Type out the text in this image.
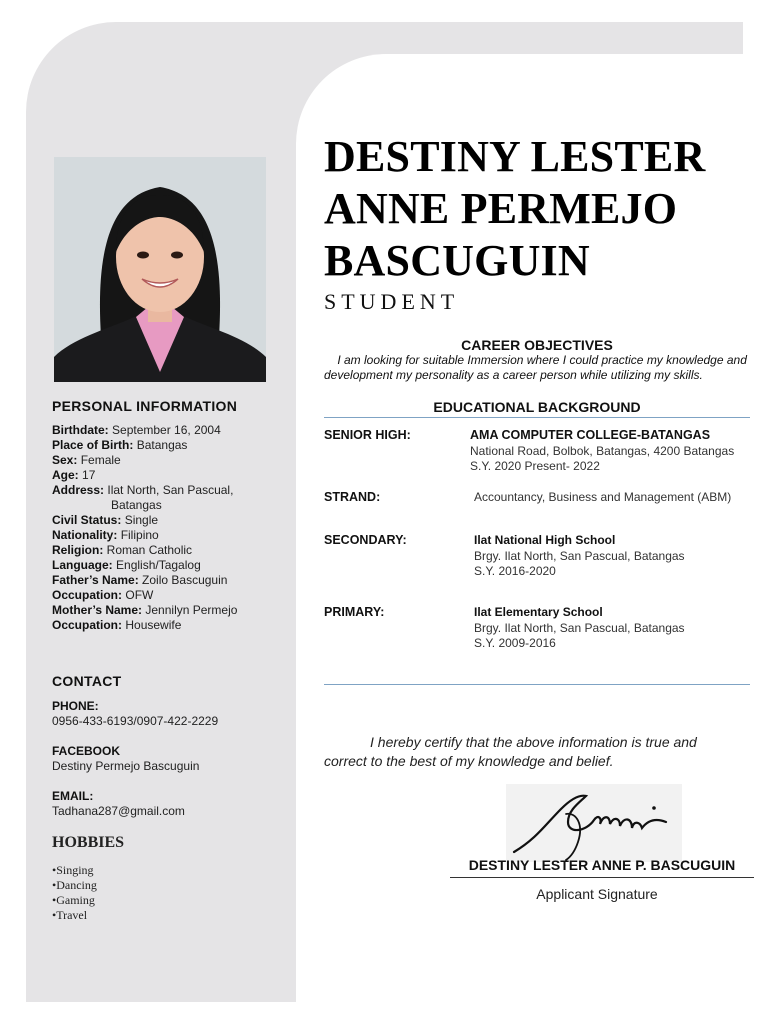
PERSONAL INFORMATION
Birthdate: September 16, 2004
Place of Birth: Batangas
Sex: Female
Age: 17
Address: Ilat North, San Pascual,
Batangas
Civil Status: Single
Nationality: Filipino
Religion: Roman Catholic
Language: English/Tagalog
Father’s Name: Zoilo Bascuguin
Occupation: OFW
Mother’s Name: Jennilyn Permejo
Occupation: Housewife
CONTACT
PHONE:
0956-433-6193/0907-422-2229
FACEBOOK
Destiny Permejo Bascuguin
EMAIL:
Tadhana287@gmail.com
HOBBIES
•Singing
•Dancing
•Gaming
•Travel
DESTINY LESTER
ANNE PERMEJO
BASCUGUIN
STUDENT
CAREER OBJECTIVES
I am looking for suitable Immersion where I could practice my knowledge and development my personality as a career person while utilizing my skills.
EDUCATIONAL BACKGROUND
SENIOR HIGH:	AMA COMPUTER COLLEGE-BATANGAS
National Road, Bolbok, Batangas, 4200 Batangas
S.Y. 2020 Present- 2022
STRAND:	Accountancy, Business and Management (ABM)
SECONDARY:	Ilat National High School
Brgy. Ilat North, San Pascual, Batangas
S.Y. 2016-2020
PRIMARY:	Ilat Elementary School
Brgy. Ilat North, San Pascual, Batangas
S.Y. 2009-2016
I hereby certify that the above information is true and correct to the best of my knowledge and belief.
DESTINY LESTER ANNE P. BASCUGUIN
Applicant Signature
